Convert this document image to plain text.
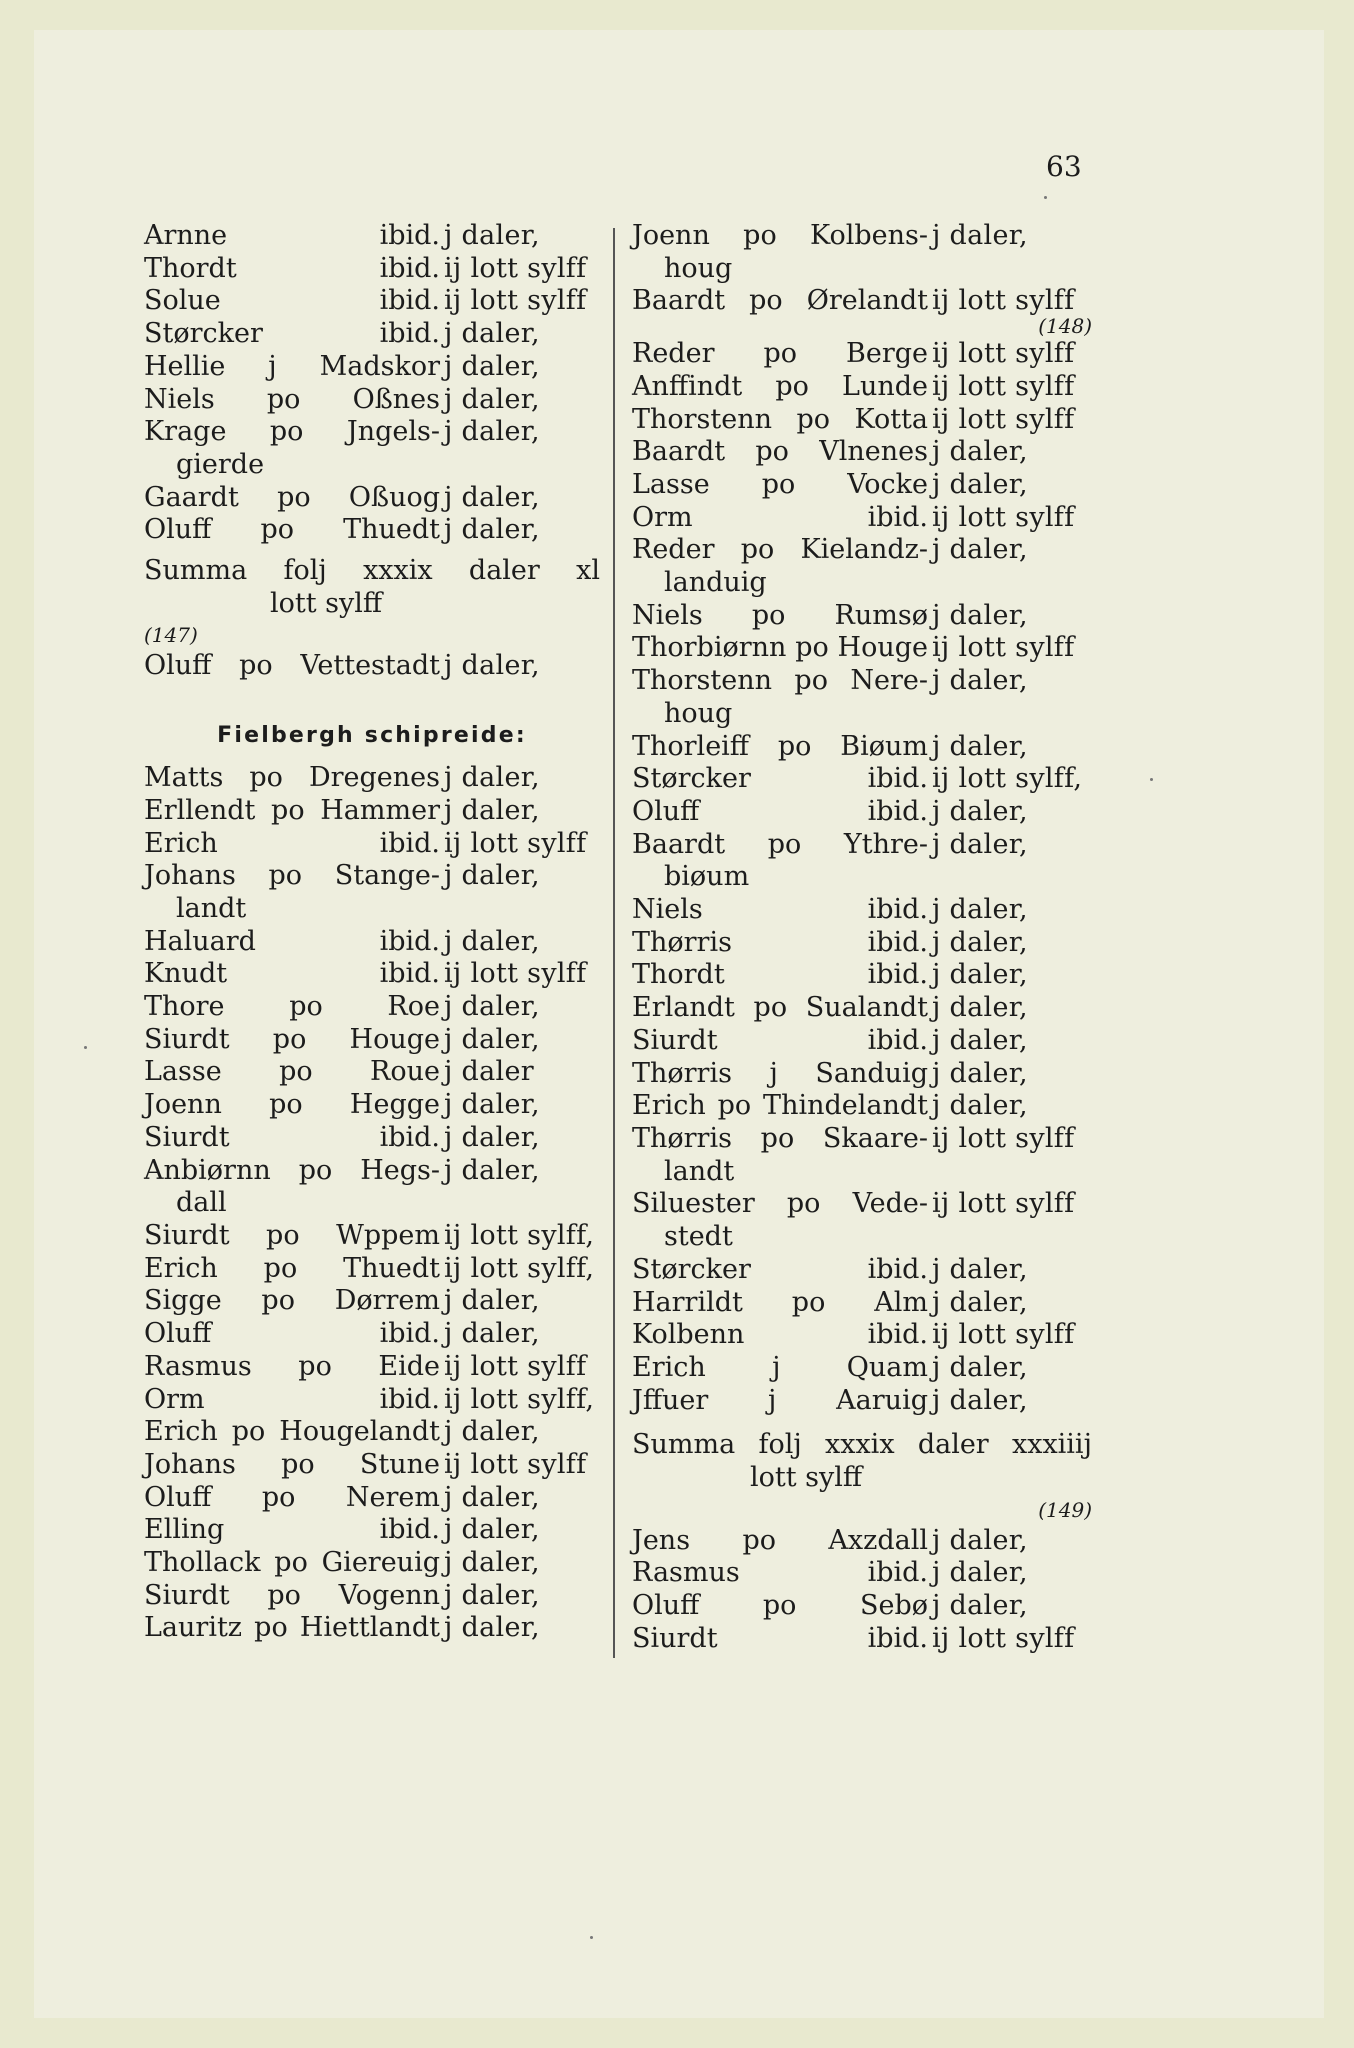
63
Arnne ibid. j daler,
Thordt ibid. ij lott sylff
Solue ibid. ij lott sylff
Størcker ibid. j daler,
Hellie j Madskor j daler,
Niels po Oßnes j daler,
Krage po Jngels- j daler,
gierde
Gaardt po Oßuog j daler,
Oluff po Thuedt j daler,
Summa folj xxxix daler xl
lott sylff
(147)
Oluff po Vettestadt j daler,
Fielbergh schipreide:
Matts po Dregenes j daler,
Erllendt po Hammer j daler,
Erich ibid. ij lott sylff
Johans po Stange- j daler,
landt
Haluard ibid. j daler,
Knudt ibid. ij lott sylff
Thore po Roe j daler,
Siurdt po Houge j daler,
Lasse po Roue j daler
Joenn po Hegge j daler,
Siurdt ibid. j daler,
Anbiørnn po Hegs- j daler,
dall
Siurdt po Wppem ij lott sylff,
Erich po Thuedt ij lott sylff,
Sigge po Dørrem j daler,
Oluff ibid. j daler,
Rasmus po Eide ij lott sylff
Orm ibid. ij lott sylff,
Erich po Hougelandt j daler,
Johans po Stune ij lott sylff
Oluff po Nerem j daler,
Elling ibid. j daler,
Thollack po Giereuig j daler,
Siurdt po Vogenn j daler,
Lauritz po Hiettlandt j daler,
Joenn po Kolbens- j daler,
houg
Baardt po Ørelandt ij lott sylff
(148)
Reder po Berge ij lott sylff
Anffindt po Lunde ij lott sylff
Thorstenn po Kotta ij lott sylff
Baardt po Vlnenes j daler,
Lasse po Vocke j daler,
Orm ibid. ij lott sylff
Reder po Kielandz- j daler,
landuig
Niels po Rumsø j daler,
Thorbiørnn po Houge ij lott sylff
Thorstenn po Nere- j daler,
houg
Thorleiff po Biøum j daler,
Størcker ibid. ij lott sylff,
Oluff ibid. j daler,
Baardt po Ythre- j daler,
biøum
Niels ibid. j daler,
Thørris ibid. j daler,
Thordt ibid. j daler,
Erlandt po Sualandt j daler,
Siurdt ibid. j daler,
Thørris j Sanduig j daler,
Erich po Thindelandt j daler,
Thørris po Skaare- ij lott sylff
landt
Siluester po Vede- ij lott sylff
stedt
Størcker ibid. j daler,
Harrildt po Alm j daler,
Kolbenn ibid. ij lott sylff
Erich j Quam j daler,
Jffuer j Aaruig j daler,
Summa folj xxxix daler xxxiiij
lott sylff
(149)
Jens po Axzdall j daler,
Rasmus ibid. j daler,
Oluff po Sebø j daler,
Siurdt ibid. ij lott sylff
